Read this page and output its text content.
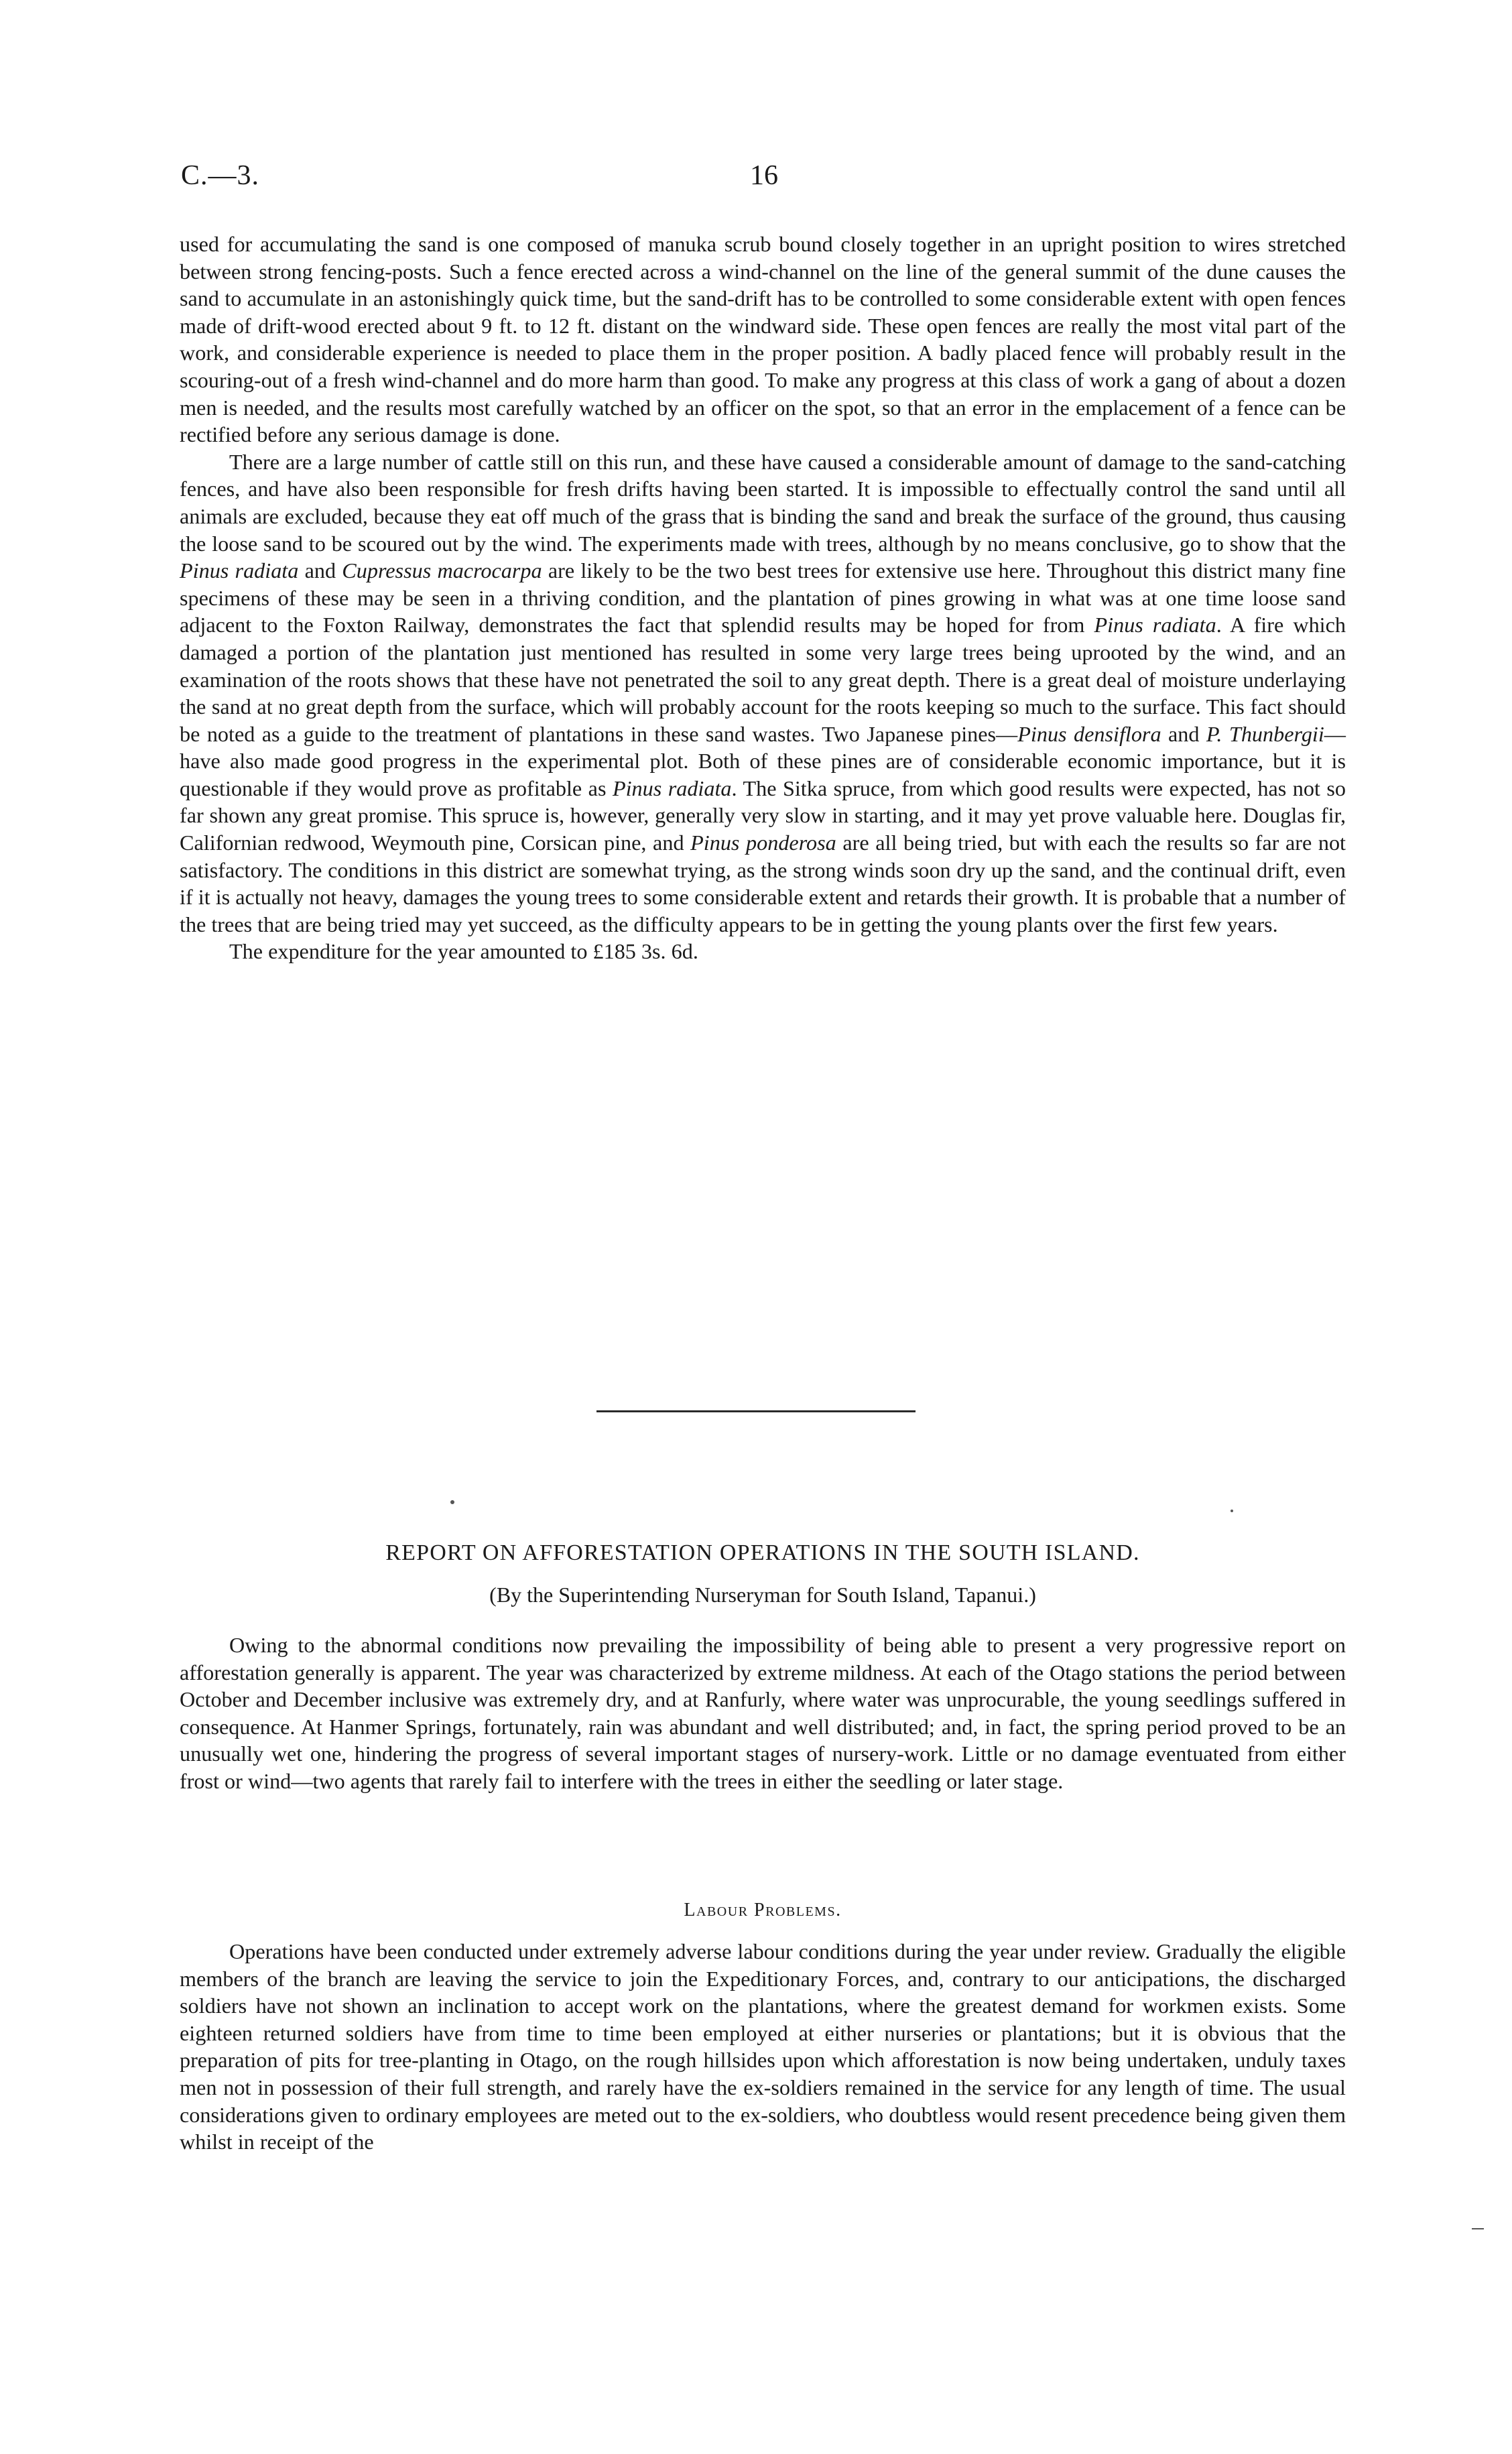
C.—3.	16

used for accumulating the sand is one composed of manuka scrub bound closely together in an upright position to wires stretched between strong fencing-posts. Such a fence erected across a wind-channel on the line of the general summit of the dune causes the sand to accumulate in an astonishingly quick time, but the sand-drift has to be controlled to some considerable extent with open fences made of drift-wood erected about 9 ft. to 12 ft. distant on the windward side. These open fences are really the most vital part of the work, and considerable experience is needed to place them in the proper position. A badly placed fence will probably result in the scouring-out of a fresh wind-channel and do more harm than good. To make any progress at this class of work a gang of about a dozen men is needed, and the results most carefully watched by an officer on the spot, so that an error in the emplacement of a fence can be rectified before any serious damage is done.

There are a large number of cattle still on this run, and these have caused a considerable amount of damage to the sand-catching fences, and have also been responsible for fresh drifts having been started. It is impossible to effectually control the sand until all animals are excluded, because they eat off much of the grass that is binding the sand and break the surface of the ground, thus causing the loose sand to be scoured out by the wind. The experiments made with trees, although by no means conclusive, go to show that the Pinus radiata and Cupressus macrocarpa are likely to be the two best trees for extensive use here. Throughout this district many fine specimens of these may be seen in a thriving condition, and the plantation of pines growing in what was at one time loose sand adjacent to the Foxton Railway, demonstrates the fact that splendid results may be hoped for from Pinus radiata. A fire which damaged a portion of the plantation just mentioned has resulted in some very large trees being uprooted by the wind, and an examination of the roots shows that these have not penetrated the soil to any great depth. There is a great deal of moisture underlaying the sand at no great depth from the surface, which will probably account for the roots keeping so much to the surface. This fact should be noted as a guide to the treatment of plantations in these sand wastes. Two Japanese pines—Pinus densiflora and P. Thunbergii—have also made good progress in the experimental plot. Both of these pines are of considerable economic importance, but it is questionable if they would prove as profitable as Pinus radiata. The Sitka spruce, from which good results were expected, has not so far shown any great promise. This spruce is, however, generally very slow in starting, and it may yet prove valuable here. Douglas fir, Californian redwood, Weymouth pine, Corsican pine, and Pinus ponderosa are all being tried, but with each the results so far are not satisfactory. The conditions in this district are somewhat trying, as the strong winds soon dry up the sand, and the continual drift, even if it is actually not heavy, damages the young trees to some considerable extent and retards their growth. It is probable that a number of the trees that are being tried may yet succeed, as the difficulty appears to be in getting the young plants over the first few years.

The expenditure for the year amounted to £185 3s. 6d.

REPORT ON AFFORESTATION OPERATIONS IN THE SOUTH ISLAND.
(By the Superintending Nurseryman for South Island, Tapanui.)

Owing to the abnormal conditions now prevailing the impossibility of being able to present a very progressive report on afforestation generally is apparent. The year was characterized by extreme mildness. At each of the Otago stations the period between October and December inclusive was extremely dry, and at Ranfurly, where water was unprocurable, the young seedlings suffered in consequence. At Hanmer Springs, fortunately, rain was abundant and well distributed; and, in fact, the spring period proved to be an unusually wet one, hindering the progress of several important stages of nursery-work. Little or no damage eventuated from either frost or wind—two agents that rarely fail to interfere with the trees in either the seedling or later stage.

Labour Problems.

Operations have been conducted under extremely adverse labour conditions during the year under review. Gradually the eligible members of the branch are leaving the service to join the Expeditionary Forces, and, contrary to our anticipations, the discharged soldiers have not shown an inclination to accept work on the plantations, where the greatest demand for workmen exists. Some eighteen returned soldiers have from time to time been employed at either nurseries or plantations; but it is obvious that the preparation of pits for tree-planting in Otago, on the rough hillsides upon which afforestation is now being undertaken, unduly taxes men not in possession of their full strength, and rarely have the ex-soldiers remained in the service for any length of time. The usual considerations given to ordinary employees are meted out to the ex-soldiers, who doubtless would resent precedence being given them whilst in receipt of the
